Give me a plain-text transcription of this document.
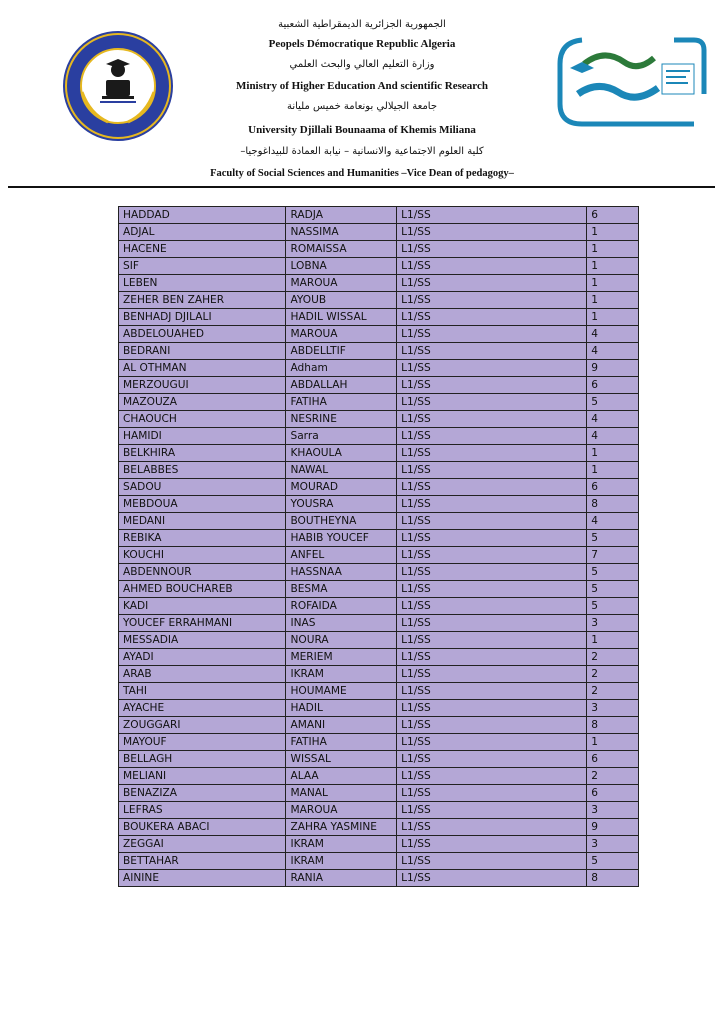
الجمهورية الجزائرية الديمقراطية الشعبية
Peopels Démocratique Republic Algeria
وزارة التعليم العالي والبحث العلمي
Ministry of Higher Education And scientific Research
جامعة الجيلالي بونعامة خميس مليانة
University Djillali Bounaama of Khemis Miliana
كلية العلوم الاجتماعية والانسانية – نيابة العمادة للبيداغوجيا–
Faculty of Social Sciences and Humanities –Vice Dean of pedagogy–
HADDAD	RADJA	L1/SS	6
ADJAL	NASSIMA	L1/SS	1
HACENE	ROMAISSA	L1/SS	1
SIF	LOBNA	L1/SS	1
LEBEN	MAROUA	L1/SS	1
ZEHER BEN ZAHER	AYOUB	L1/SS	1
BENHADJ DJILALI	HADIL WISSAL	L1/SS	1
ABDELOUAHED	MAROUA	L1/SS	4
BEDRANI	ABDELLTIF	L1/SS	4
AL OTHMAN	Adham	L1/SS	9
MERZOUGUI	ABDALLAH	L1/SS	6
MAZOUZA	FATIHA	L1/SS	5
CHAOUCH	NESRINE	L1/SS	4
HAMIDI	Sarra	L1/SS	4
BELKHIRA	KHAOULA	L1/SS	1
BELABBES	NAWAL	L1/SS	1
SADOU	MOURAD	L1/SS	6
MEBDOUA	YOUSRA	L1/SS	8
MEDANI	BOUTHEYNA	L1/SS	4
REBIKA	HABIB YOUCEF	L1/SS	5
KOUCHI	ANFEL	L1/SS	7
ABDENNOUR	HASSNAA	L1/SS	5
AHMED BOUCHAREB	BESMA	L1/SS	5
KADI	ROFAIDA	L1/SS	5
YOUCEF ERRAHMANI	INAS	L1/SS	3
MESSADIA	NOURA	L1/SS	1
AYADI	MERIEM	L1/SS	2
ARAB	IKRAM	L1/SS	2
TAHI	HOUMAME	L1/SS	2
AYACHE	HADIL	L1/SS	3
ZOUGGARI	AMANI	L1/SS	8
MAYOUF	FATIHA	L1/SS	1
BELLAGH	WISSAL	L1/SS	6
MELIANI	ALAA	L1/SS	2
BENAZIZA	MANAL	L1/SS	6
LEFRAS	MAROUA	L1/SS	3
BOUKERA ABACI	ZAHRA YASMINE	L1/SS	9
ZEGGAI	IKRAM	L1/SS	3
BETTAHAR	IKRAM	L1/SS	5
AININE	RANIA	L1/SS	8
